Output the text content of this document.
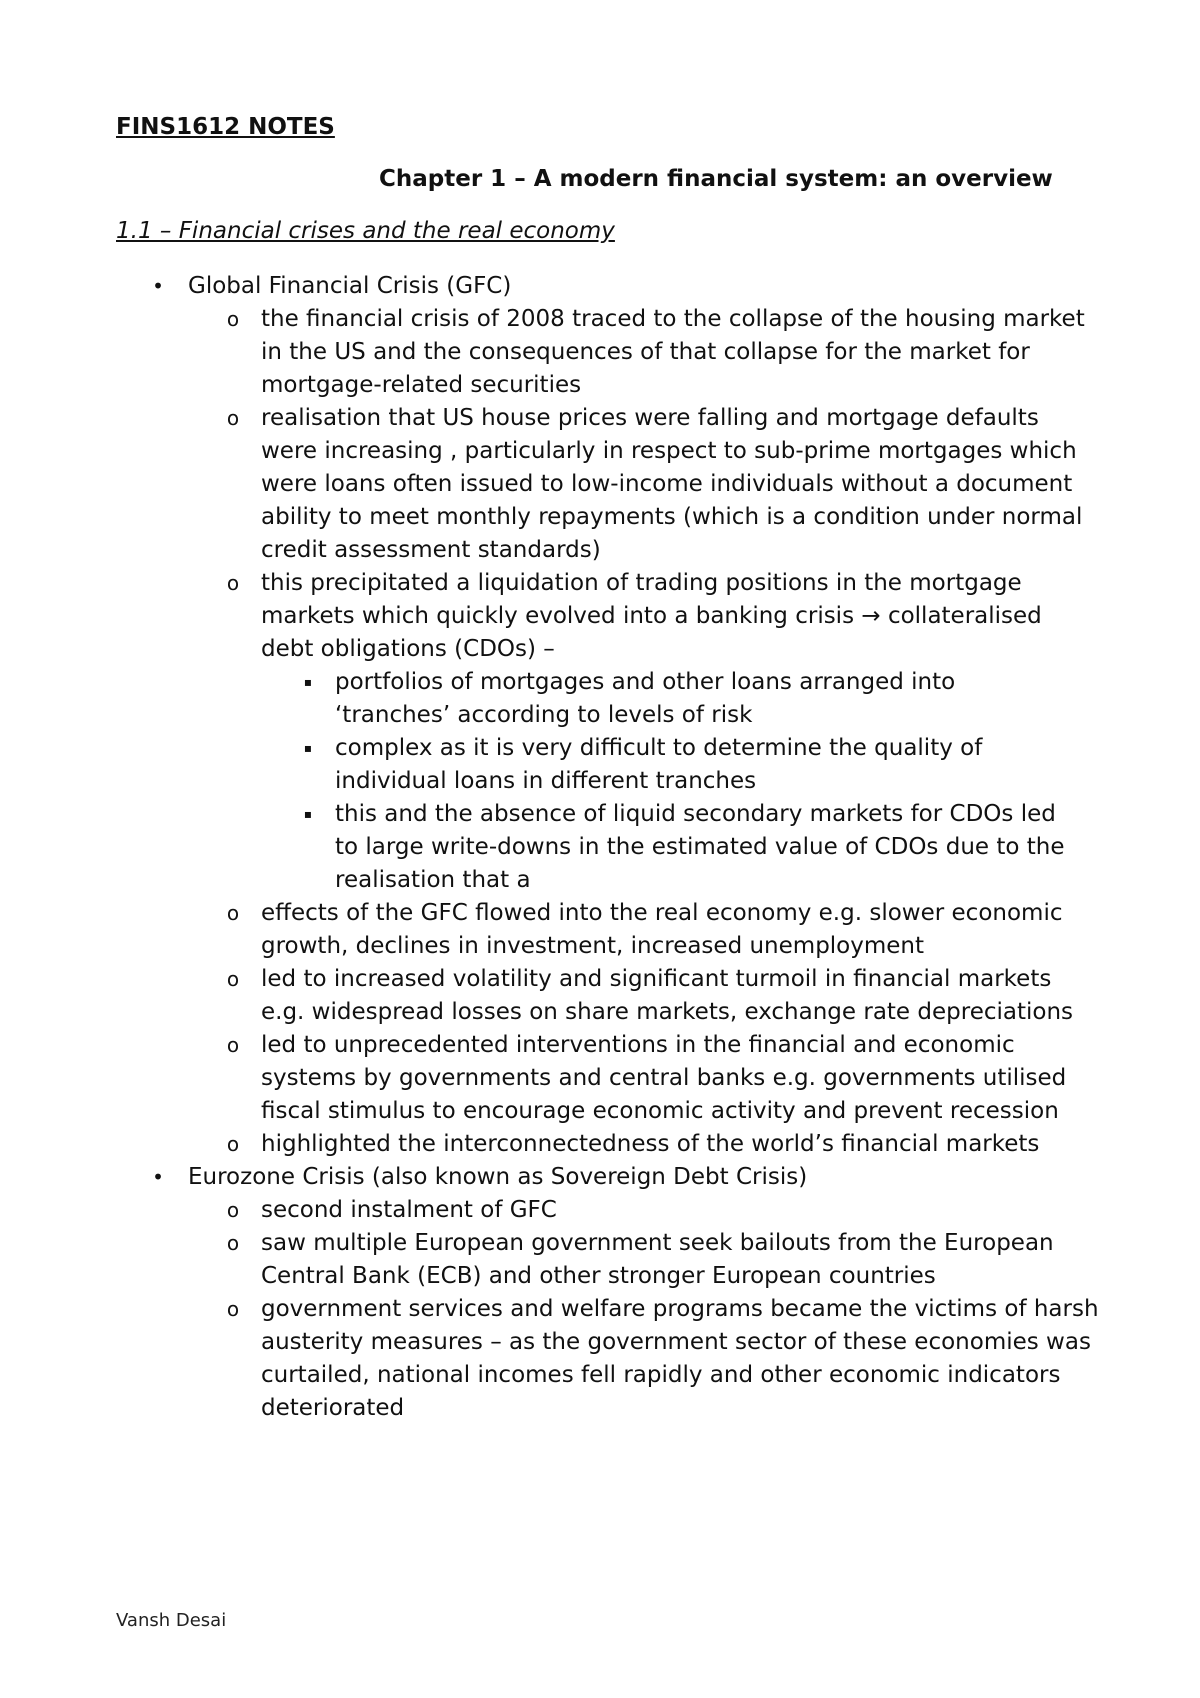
FINS1612 NOTES
Chapter 1 – A modern financial system: an overview
1.1 – Financial crises and the real economy
• Global Financial Crisis (GFC)
o the financial crisis of 2008 traced to the collapse of the housing market in the US and the consequences of that collapse for the market for mortgage-related securities
o realisation that US house prices were falling and mortgage defaults were increasing , particularly in respect to sub-prime mortgages which were loans often issued to low-income individuals without a document ability to meet monthly repayments (which is a condition under normal credit assessment standards)
o this precipitated a liquidation of trading positions in the mortgage markets which quickly evolved into a banking crisis → collateralised debt obligations (CDOs) –
▪ portfolios of mortgages and other loans arranged into ‘tranches’ according to levels of risk
▪ complex as it is very difficult to determine the quality of individual loans in different tranches
▪ this and the absence of liquid secondary markets for CDOs led to large write-downs in the estimated value of CDOs due to the realisation that a
o effects of the GFC flowed into the real economy e.g. slower economic growth, declines in investment, increased unemployment
o led to increased volatility and significant turmoil in financial markets e.g. widespread losses on share markets, exchange rate depreciations
o led to unprecedented interventions in the financial and economic systems by governments and central banks e.g. governments utilised fiscal stimulus to encourage economic activity and prevent recession
o highlighted the interconnectedness of the world’s financial markets
• Eurozone Crisis (also known as Sovereign Debt Crisis)
o second instalment of GFC
o saw multiple European government seek bailouts from the European Central Bank (ECB) and other stronger European countries
o government services and welfare programs became the victims of harsh austerity measures – as the government sector of these economies was curtailed, national incomes fell rapidly and other economic indicators deteriorated
Vansh Desai
